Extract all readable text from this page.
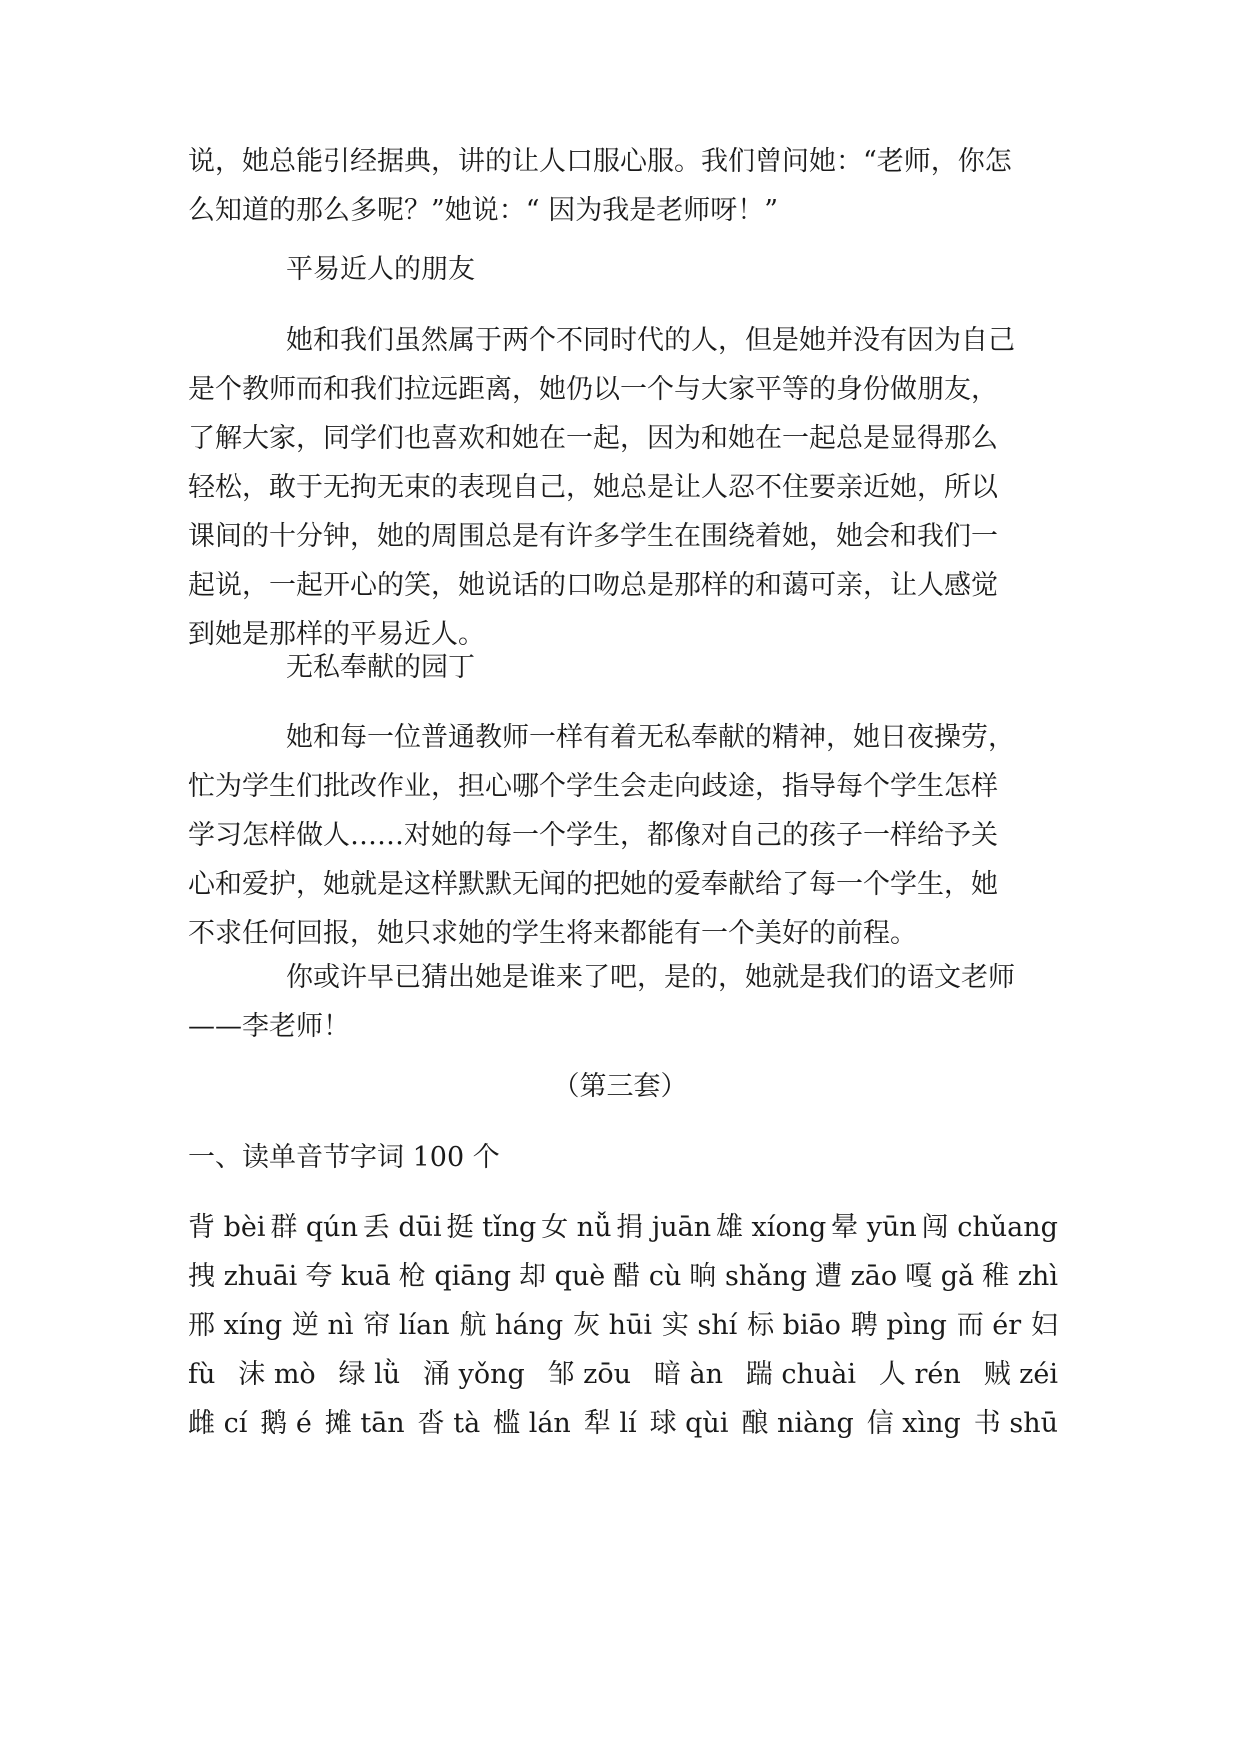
说，她总能引经据典，讲的让人口服心服。我们曾问她：“老师，你怎
么知道的那么多呢？”她说：“ 因为我是老师呀！”

平易近人的朋友

她和我们虽然属于两个不同时代的人，但是她并没有因为自己
是个教师而和我们拉远距离，她仍以一个与大家平等的身份做朋友，
了解大家，同学们也喜欢和她在一起，因为和她在一起总是显得那么
轻松，敢于无拘无束的表现自己，她总是让人忍不住要亲近她，所以
课间的十分钟，她的周围总是有许多学生在围绕着她，她会和我们一
起说，一起开心的笑，她说话的口吻总是那样的和蔼可亲，让人感觉
到她是那样的平易近人。

无私奉献的园丁

她和每一位普通教师一样有着无私奉献的精神，她日夜操劳，
忙为学生们批改作业，担心哪个学生会走向歧途，指导每个学生怎样
学习怎样做人……对她的每一个学生，都像对自己的孩子一样给予关
心和爱护，她就是这样默默无闻的把她的爱奉献给了每一个学生，她
不求任何回报，她只求她的学生将来都能有一个美好的前程。
你或许早已猜出她是谁来了吧，是的，她就是我们的语文老师
——李老师！

（第三套）

一、读单音节字词 100 个

背 bèi 群 qún 丢 dūi 挺 tǐng 女 nǚ 捐 juān 雄 xíong 晕 yūn 闯 chǔang
拽 zhuāi 夸 kuā 枪 qiāng 却 què 醋 cù 晌 shǎng 遭 zāo 嘎 gǎ 稚 zhì
邢 xíng 逆 nì 帘 lían 航 háng 灰 hūi 实 shí 标 biāo 聘 pìng 而 ér 妇
fù 沫 mò 绿 lǜ 涌 yǒng 邹 zōu 暗 àn 踹 chuài 人 rén 贼 zéi
雌 cí 鹅 é 摊 tān 沓 tà 槛 lán 犁 lí 球 qùi 酿 niàng 信 xìng 书 shū
